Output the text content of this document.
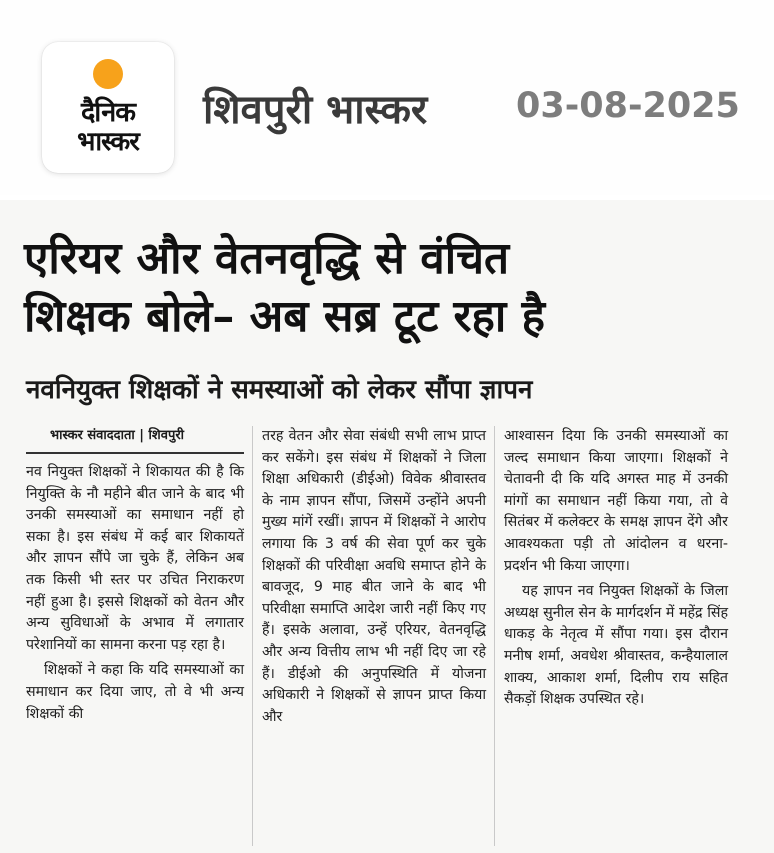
दैनिक
भास्कर
शिवपुरी भास्कर	03-08-2025
एरियर और वेतनवृद्धि से वंचित
शिक्षक बोले– अब सब्र टूट रहा है
नवनियुक्त शिक्षकों ने समस्याओं को लेकर सौंपा ज्ञापन
भास्कर संवाददाता | शिवपुरी

नव नियुक्त शिक्षकों ने शिकायत की है कि नियुक्ति के नौ महीने बीत जाने के बाद भी उनकी समस्याओं का समाधान नहीं हो सका है। इस संबंध में कई बार शिकायतें और ज्ञापन सौंपे जा चुके हैं, लेकिन अब तक किसी भी स्तर पर उचित निराकरण नहीं हुआ है। इससे शिक्षकों को वेतन और अन्य सुविधाओं के अभाव में लगातार परेशानियों का सामना करना पड़ रहा है।

शिक्षकों ने कहा कि यदि समस्याओं का समाधान कर दिया जाए, तो वे भी अन्य शिक्षकों की

तरह वेतन और सेवा संबंधी सभी लाभ प्राप्त कर सकेंगे। इस संबंध में शिक्षकों ने जिला शिक्षा अधिकारी (डीईओ) विवेक श्रीवास्तव के नाम ज्ञापन सौंपा, जिसमें उन्होंने अपनी मुख्य मांगें रखीं। ज्ञापन में शिक्षकों ने आरोप लगाया कि 3 वर्ष की सेवा पूर्ण कर चुके शिक्षकों की परिवीक्षा अवधि समाप्त होने के बावजूद, 9 माह बीत जाने के बाद भी परिवीक्षा समाप्ति आदेश जारी नहीं किए गए हैं। इसके अलावा, उन्हें एरियर, वेतनवृद्धि और अन्य वित्तीय लाभ भी नहीं दिए जा रहे हैं। डीईओ की अनुपस्थिति में योजना अधिकारी ने शिक्षकों से ज्ञापन प्राप्त किया और

आश्वासन दिया कि उनकी समस्याओं का जल्द समाधान किया जाएगा। शिक्षकों ने चेतावनी दी कि यदि अगस्त माह में उनकी मांगों का समाधान नहीं किया गया, तो वे सितंबर में कलेक्टर के समक्ष ज्ञापन देंगे और आवश्यकता पड़ी तो आंदोलन व धरना-प्रदर्शन भी किया जाएगा।

यह ज्ञापन नव नियुक्त शिक्षकों के जिला अध्यक्ष सुनील सेन के मार्गदर्शन में महेंद्र सिंह धाकड़ के नेतृत्व में सौंपा गया। इस दौरान मनीष शर्मा, अवधेश श्रीवास्तव, कन्हैयालाल शाक्य, आकाश शर्मा, दिलीप राय सहित सैकड़ों शिक्षक उपस्थित रहे।
